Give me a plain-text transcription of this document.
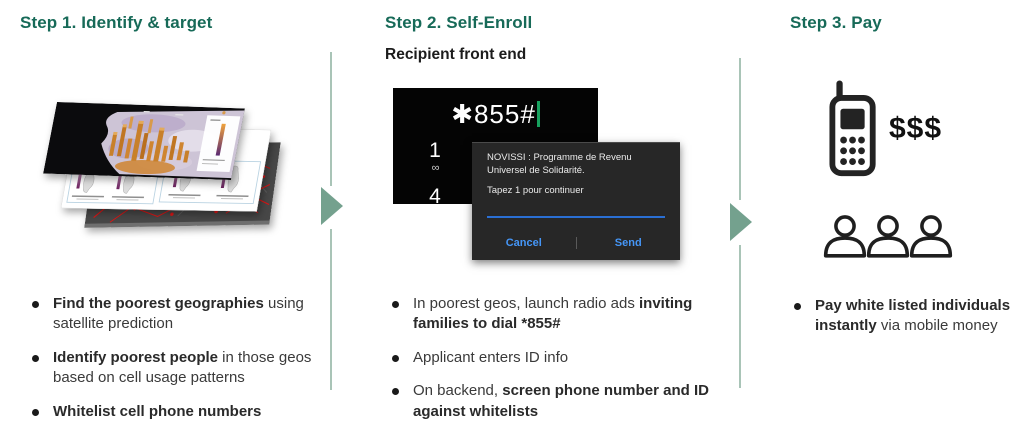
Step 1. Identify & target	Step 2. Self-Enroll	Step 3. Pay
Recipient front end
✱855#
1
∞
4
NOVISSI : Programme de Revenu Universel de Solidarité.
Tapez 1 pour continuer
Cancel	Send
$$$
Find the poorest geographies using satellite prediction
Identify poorest people in those geos based on cell usage patterns
Whitelist cell phone numbers
In poorest geos, launch radio ads inviting families to dial *855#
Applicant enters ID info
On backend, screen phone number and ID against whitelists
Pay white listed individuals instantly via mobile money
